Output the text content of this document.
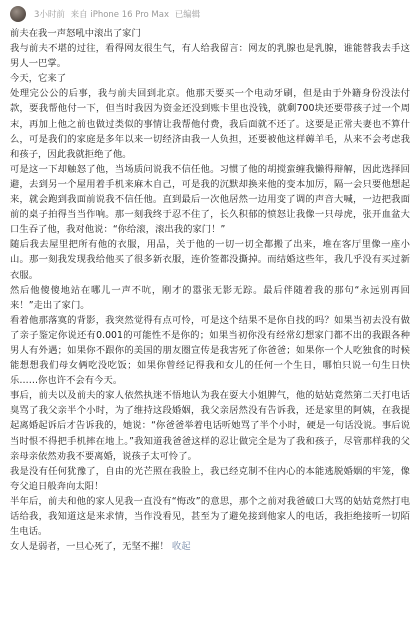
3小时前 来自 iPhone 16 Pro Max 已编辑

前夫在我一声怒吼中滚出了家门

我与前夫不堪的过往，看得网友很生气，有人给我留言：网友的乳腺也是乳腺，谁能替我去手这男人一巴掌。

今天，它来了

处理完公公的后事，我与前夫回到北京。他那天要买一个电动牙刷，但是由于外籍身份没法付款，要我帮他付一下，但当时我因为资金还没到账卡里也没钱，就剩700块还要带孩子过一个周末，再加上他之前也做过类似的事情让我帮他付费，我后面就不还了。这要是正常夫妻也不算什么，可是我们的家庭是多年以来一切经济由我一人负担，还要被他这样薅羊毛，从来不会考虑我和孩子，因此我就拒绝了他。

可是这一下却触怒了他，当场质问说我不信任他。习惯了他的胡搅蛮缠我懒得辩解，因此选择回避，去到另一个屋用着手机来麻木自己，可是我的沉默却换来他的变本加厉，隔一会只要他想起来，就会跑到我面前说我不信任他。直到最后一次他居然一边用变了调的声音大喊，一边把我面前的桌子拍得当当作响。那一刻我终于忍不住了，长久积郁的愤怒让我像一只母虎，张开血盆大口生吞了他，我对他说：“你给滚，滚出我的家门！”

随后我去屋里把所有他的衣服，用品，关于他的一切一切全都搬了出来，堆在客厅里像一座小山。那一刻我发现我给他买了很多新衣服，连价签都没撕掉。而结婚这些年，我几乎没有买过新衣服。

然后他傻傻地站在哪儿一声不吭，刚才的嚣张无影无踪。最后伴随着我的那句“永远别再回来！”走出了家门。

看着他那落寞的背影，我突然觉得有点可怜，可是这个结果不是你自找的吗？如果当初去没有做了亲子鉴定你说还有0.001的可能性不是你的；如果当初你没有经常幻想家门都不出的我跟各种男人有外遇；如果你不跟你的美国的朋友圈宣传是我害死了你爸爸；如果你一个人吃独食的时候能想想我们母女俩吃没吃饭；如果你曾经记得我和女儿的任何一个生日，哪怕只说一句生日快乐……你也许不会有今天。

事后，前夫以及前夫的家人依然执迷不悟地认为我在耍大小姐脾气，他的姑姑竟然第二天打电话臭骂了我父亲半个小时，为了维持这段婚姻，我父亲居然没有告诉我，还是家里的阿姨，在我提起离婚起诉后才告诉我的，她说：“你爸爸举着电话听她骂了半个小时，硬是一句话没说。事后说当时恨不得把手机摔在地上。”我知道我爸爸这样的忍让做完全是为了我和孩子，尽管那样我的父亲母亲依然劝我不要离婚，说孩子太可怜了。

我是没有任何犹豫了，自由的光芒照在我脸上，我已经克制不住内心的本能逃脱婚姻的牢笼，像夸父追日般奔向太阳！

半年后，前夫和他的家人见我一直没有“悔改”的意思，那个之前对我爸破口大骂的姑姑竟然打电话给我，我知道这是来求情，当作没看见，甚至为了避免接到他家人的电话，我拒绝接听一切陌生电话。

女人是弱者，一旦心死了，无坚不摧！ 收起
